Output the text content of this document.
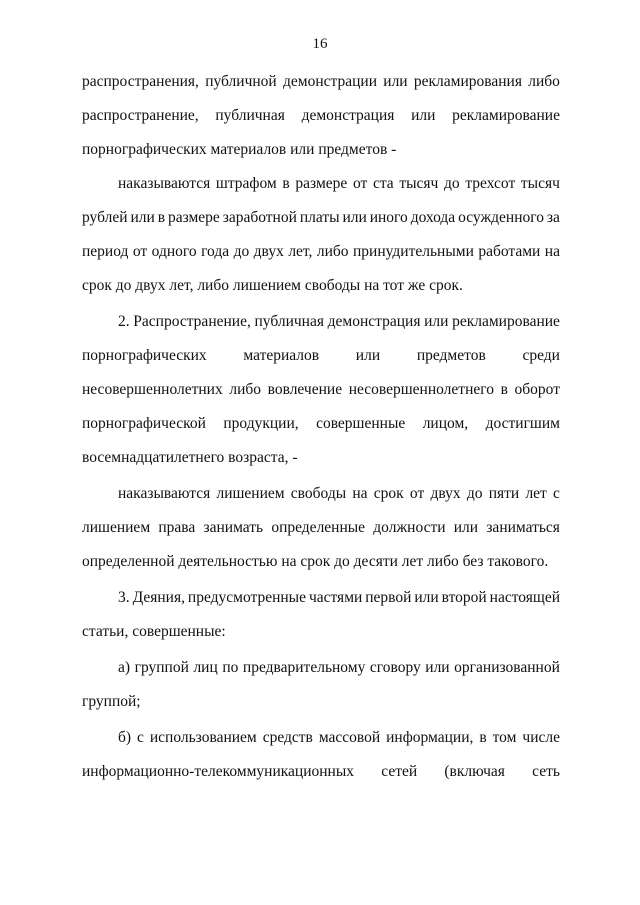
16
распространения, публичной демонстрации или рекламирования либо
распространение, публичная демонстрация или рекламирование
порнографических материалов или предметов -
наказываются штрафом в размере от ста тысяч до трехсот тысяч
рублей или в размере заработной платы или иного дохода осужденного за
период от одного года до двух лет, либо принудительными работами на
срок до двух лет, либо лишением свободы на тот же срок.
2. Распространение, публичная демонстрация или рекламирование
порнографических материалов или предметов среди
несовершеннолетних либо вовлечение несовершеннолетнего в оборот
порнографической продукции, совершенные лицом, достигшим
восемнадцатилетнего возраста, -
наказываются лишением свободы на срок от двух до пяти лет с
лишением права занимать определенные должности или заниматься
определенной деятельностью на срок до десяти лет либо без такового.
3. Деяния, предусмотренные частями первой или второй настоящей
статьи, совершенные:
а) группой лиц по предварительному сговору или организованной
группой;
б) с использованием средств массовой информации, в том числе
информационно-телекоммуникационных сетей (включая сеть
